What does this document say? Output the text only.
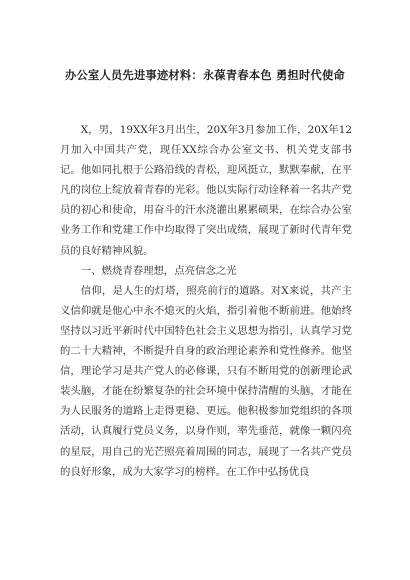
办公室人员先进事迹材料：永葆青春本色 勇担时代使命

X，男，19XX年3月出生，20X年3月参加工作，20X年12月加入中国共产党，现任XX综合办公室文书、机关党支部书记。他如同扎根于公路沿线的青松，迎风挺立，默默奉献，在平凡的岗位上绽放着青春的光彩。他以实际行动诠释着一名共产党员的初心和使命，用奋斗的汗水浇灌出累累硕果，在综合办公室业务工作和党建工作中均取得了突出成绩，展现了新时代青年党员的良好精神风貌。

一、燃烧青春理想，点亮信念之光

信仰，是人生的灯塔，照亮前行的道路。对X来说，共产主义信仰就是他心中永不熄灭的火焰，指引着他不断前进。他始终坚持以习近平新时代中国特色社会主义思想为指引，认真学习党的二十大精神，不断提升自身的政治理论素养和党性修养。他坚信，理论学习是共产党人的必修课，只有不断用党的创新理论武装头脑，才能在纷繁复杂的社会环境中保持清醒的头脑，才能在为人民服务的道路上走得更稳、更远。他积极参加党组织的各项活动，认真履行党员义务，以身作则，率先垂范，就像一颗闪亮的星辰，用自己的光芒照亮着周围的同志，展现了一名共产党员的良好形象，成为大家学习的榜样。在工作中弘扬优良
